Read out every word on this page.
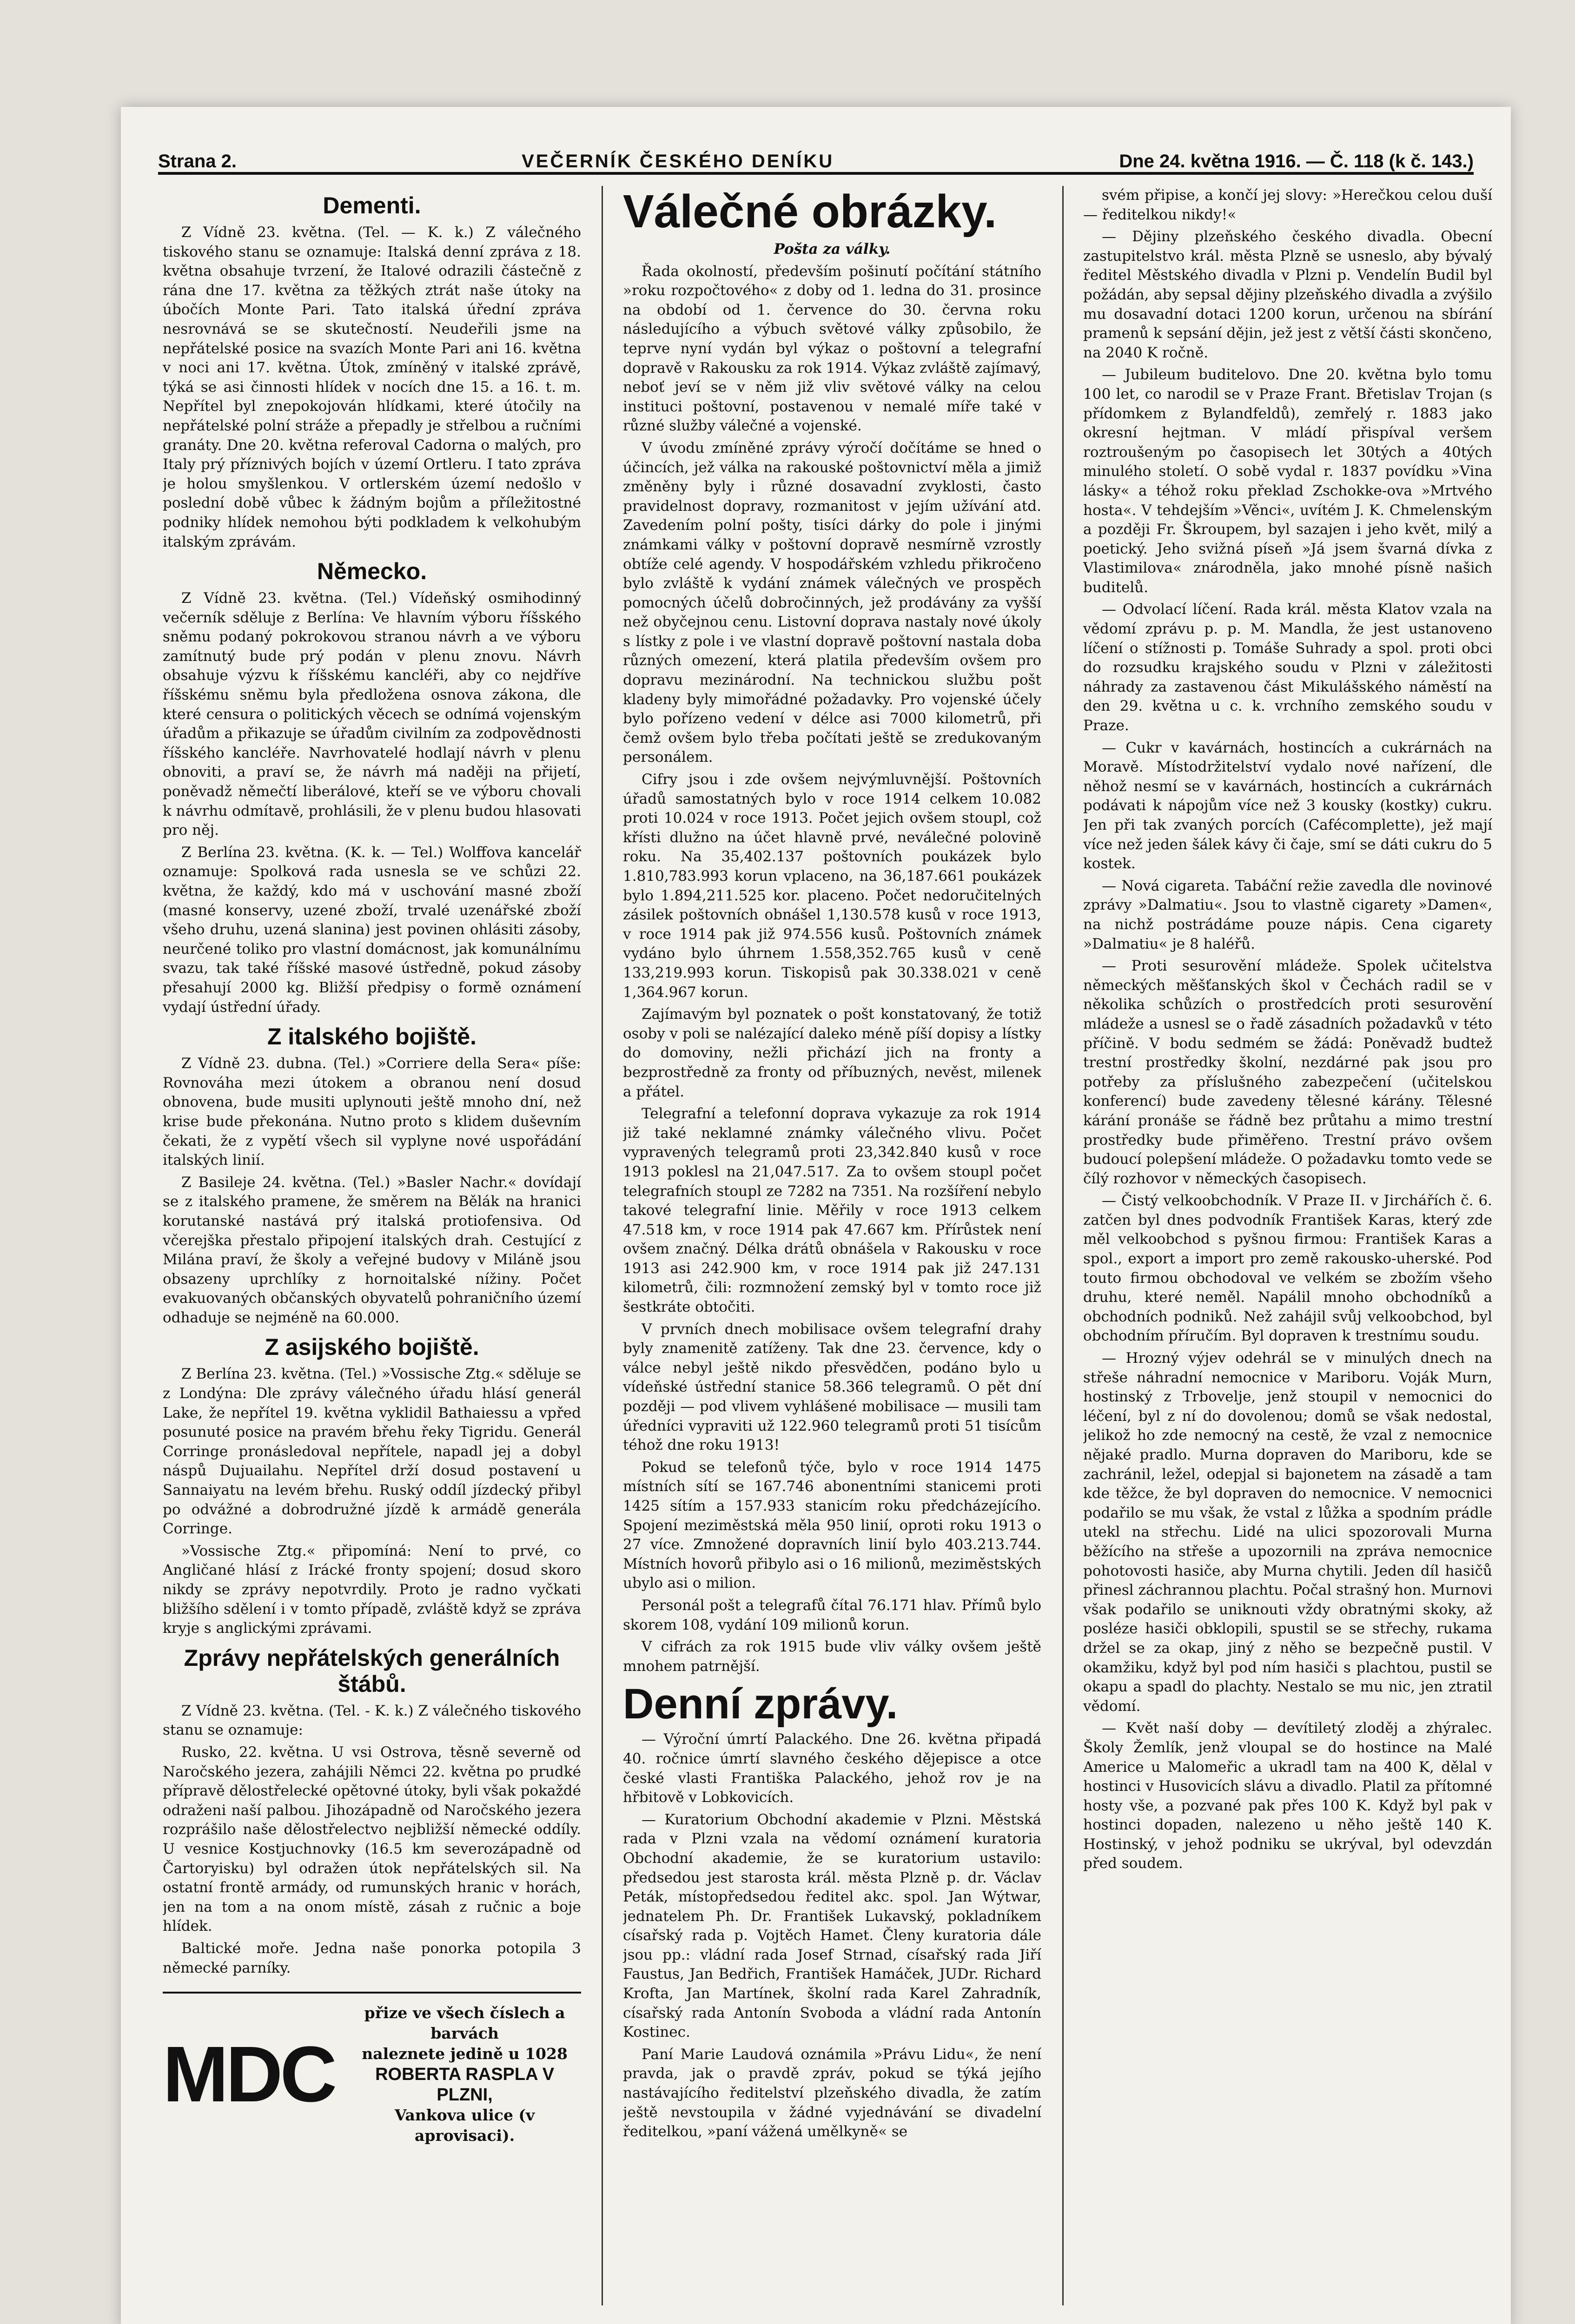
Strana 2.	VEČERNÍK ČESKÉHO DENÍKU	Dne 24. května 1916. — Č. 118 (k č. 143.)
Dementi.

Z Vídně 23. května. (Tel. — K. k.) Z válečného tiskového stanu se oznamuje: Italská denní zpráva z 18. května obsahuje tvrzení, že Italové odrazili částečně z rána dne 17. května za těžkých ztrát naše útoky na úbočích Monte Pari. Tato italská úřední zpráva nesrovnává se se skutečností. Neudeřili jsme na nepřátelské posice na svazích Monte Pari ani 16. května v noci ani 17. května. Útok, zmíněný v italské zprávě, týká se asi činnosti hlídek v nocích dne 15. a 16. t. m. Nepřítel byl znepokojován hlídkami, které útočily na nepřátelské polní stráže a přepadly je střelbou a ručními granáty. Dne 20. května referoval Cadorna o malých, pro Italy prý příznivých bojích v území Ortleru. I tato zpráva je holou smyšlenkou. V ortlerském území nedošlo v poslední době vůbec k žádným bojům a příležitostné podniky hlídek nemohou býti podkladem k velkohubým italským zprávám.

Německo.

Z Vídně 23. května. (Tel.) Vídeňský osmihodinný večerník sděluje z Berlína: Ve hlavním výboru říšského sněmu podaný pokrokovou stranou návrh a ve výboru zamítnutý bude prý podán v plenu znovu. Návrh obsahuje výzvu k říšskému kancléři, aby co nejdříve říšskému sněmu byla předložena osnova zákona, dle které censura o politických věcech se odnímá vojenským úřadům a přikazuje se úřadům civilním za zodpovědnosti říšského kancléře. Navrhovatelé hodlají návrh v plenu obnoviti, a praví se, že návrh má naději na přijetí, poněvadž němečtí liberálové, kteří se ve výboru chovali k návrhu odmítavě, prohlásili, že v plenu budou hlasovati pro něj.

Z Berlína 23. května. (K. k. — Tel.) Wolffova kancelář oznamuje: Spolková rada usnesla se ve schůzi 22. května, že každý, kdo má v uschování masné zboží (masné konservy, uzené zboží, trvalé uzenářské zboží všeho druhu, uzená slanina) jest povinen ohlásiti zásoby, neurčené toliko pro vlastní domácnost, jak komunálnímu svazu, tak také říšské masové ústředně, pokud zásoby přesahují 2000 kg. Bližší předpisy o formě oznámení vydají ústřední úřady.

Z italského bojiště.

Z Vídně 23. dubna. (Tel.) »Corriere della Sera« píše: Rovnováha mezi útokem a obranou není dosud obnovena, bude musiti uplynouti ještě mnoho dní, než krise bude překonána. Nutno proto s klidem duševním čekati, že z vypětí všech sil vyplyne nové uspořádání italských linií.

Z Basileje 24. května. (Tel.) »Basler Nachr.« dovídají se z italského pramene, že směrem na Bělák na hranici korutanské nastává prý italská protiofensiva. Od včerejška přestalo připojení italských drah. Cestující z Milána praví, že školy a veřejné budovy v Miláně jsou obsazeny uprchlíky z hornoitalské nížiny. Počet evakuovaných občanských obyvatelů pohraničního území odhaduje se nejméně na 60.000.

Z asijského bojiště.

Z Berlína 23. května. (Tel.) »Vossische Ztg.« sděluje se z Londýna: Dle zprávy válečného úřadu hlásí generál Lake, že nepřítel 19. května vyklidil Bathaiessu a vpřed posunuté posice na pravém břehu řeky Tigridu. Generál Corringe pronásledoval nepřítele, napadl jej a dobyl náspů Dujuailahu. Nepřítel drží dosud postavení u Sannaiyatu na levém břehu. Ruský oddíl jízdecký přibyl po odvážné a dobrodružné jízdě k armádě generála Corringe.

»Vossische Ztg.« připomíná: Není to prvé, co Angličané hlásí z Irácké fronty spojení; dosud skoro nikdy se zprávy nepotvrdily. Proto je radno vyčkati bližšího sdělení i v tomto případě, zvláště když se zpráva kryje s anglickými zprávami.

Zprávy nepřátelských generálních štábů.

Z Vídně 23. května. (Tel. - K. k.) Z válečného tiskového stanu se oznamuje:

Rusko, 22. května. U vsi Ostrova, těsně severně od Naročského jezera, zahájili Němci 22. května po prudké přípravě dělostřelecké opětovné útoky, byli však pokaždé odraženi naší palbou. Jihozápadně od Naročského jezera rozprášilo naše dělostřelectvo nejbližší německé oddíly. U vesnice Kostjuchnovky (16.5 km severozápadně od Čartoryisku) byl odražen útok nepřátelských sil. Na ostatní frontě armády, od rumunských hranic v horách, jen na tom a na onom místě, zásah z ručnic a boje hlídek.

Baltické moře. Jedna naše ponorka potopila 3 německé parníky.

MDC
přize ve všech číslech a barvách
naleznete jedině u 1028
ROBERTA RASPLA V PLZNI,
Vankova ulice (v aprovisaci).
Válečné obrázky.
Pošta za války.

Řada okolností, především pošinutí počítání státního »roku rozpočtového« z doby od 1. ledna do 31. prosince na období od 1. července do 30. června roku následujícího a výbuch světové války způsobilo, že teprve nyní vydán byl výkaz o poštovní a telegrafní dopravě v Rakousku za rok 1914. Výkaz zvláště zajímavý, neboť jeví se v něm již vliv světové války na celou instituci poštovní, postavenou v nemalé míře také v různé služby válečné a vojenské.

V úvodu zmíněné zprávy výročí dočítáme se hned o účincích, jež válka na rakouské poštovnictví měla a jimiž změněny byly i různé dosavadní zvyklosti, často pravidelnost dopravy, rozmanitost v jejím užívání atd. Zavedením polní pošty, tisíci dárky do pole i jinými známkami války v poštovní dopravě nesmírně vzrostly obtíže celé agendy. V hospodářském vzhledu přikročeno bylo zvláště k vydání známek válečných ve prospěch pomocných účelů dobročinných, jež prodávány za vyšší než obyčejnou cenu. Listovní doprava nastaly nové úkoly s lístky z pole i ve vlastní dopravě poštovní nastala doba různých omezení, která platila především ovšem pro dopravu mezinárodní. Na technickou službu pošt kladeny byly mimořádné požadavky. Pro vojenské účely bylo pořízeno vedení v délce asi 7000 kilometrů, při čemž ovšem bylo třeba počítati ještě se zredukovaným personálem.

Cifry jsou i zde ovšem nejvýmluvnější. Poštovních úřadů samostatných bylo v roce 1914 celkem 10.082 proti 10.024 v roce 1913. Počet jejich ovšem stoupl, což křísti dlužno na účet hlavně prvé, neválečné polovině roku. Na 35,402.137 poštovních poukázek bylo 1.810,783.993 korun vplaceno, na 36,187.661 poukázek bylo 1.894,211.525 kor. placeno. Počet nedoručitelných zásilek poštovních obnášel 1,130.578 kusů v roce 1913, v roce 1914 pak již 974.556 kusů. Poštovních známek vydáno bylo úhrnem 1.558,352.765 kusů v ceně 133,219.993 korun. Tiskopisů pak 30.338.021 v ceně 1,364.967 korun.

Zajímavým byl poznatek o pošt konstatovaný, že totiž osoby v poli se nalézající daleko méně píší dopisy a lístky do domoviny, nežli přichází jich na fronty a bezprostředně za fronty od příbuzných, nevěst, milenek a přátel.

Telegrafní a telefonní doprava vykazuje za rok 1914 již také neklamné známky válečného vlivu. Počet vypravených telegramů proti 23,342.840 kusů v roce 1913 poklesl na 21,047.517. Za to ovšem stoupl počet telegrafních stoupl ze 7282 na 7351. Na rozšíření nebylo takové telegrafní linie. Měřily v roce 1913 celkem 47.518 km, v roce 1914 pak 47.667 km. Přírůstek není ovšem značný. Délka drátů obnášela v Rakousku v roce 1913 asi 242.900 km, v roce 1914 pak již 247.131 kilometrů, čili: rozmnožení zemský byl v tomto roce již šestkráte obtočiti.

V prvních dnech mobilisace ovšem telegrafní drahy byly znamenitě zatíženy. Tak dne 23. července, kdy o válce nebyl ještě nikdo přesvědčen, podáno bylo u vídeňské ústřední stanice 58.366 telegramů. O pět dní později — pod vlivem vyhlášené mobilisace — musili tam úředníci vypraviti už 122.960 telegramů proti 51 tisícům téhož dne roku 1913!

Pokud se telefonů týče, bylo v roce 1914 1475 místních sítí se 167.746 abonentními stanicemi proti 1425 sítím a 157.933 stanicím roku předcházejícího. Spojení meziměstská měla 950 linií, oproti roku 1913 o 27 více. Zmnožené dopravních linií bylo 403.213.744. Místních hovorů přibylo asi o 16 milionů, meziměstských ubylo asi o milion.

Personál pošt a telegrafů čítal 76.171 hlav. Přímů bylo skorem 108, vydání 109 milionů korun.

V cifrách za rok 1915 bude vliv války ovšem ještě mnohem patrnější.

Denní zprávy.

— Výroční úmrtí Palackého. Dne 26. května připadá 40. ročnice úmrtí slavného českého dějepisce a otce české vlasti Františka Palackého, jehož rov je na hřbitově v Lobkovicích.

— Kuratorium Obchodní akademie v Plzni. Městská rada v Plzni vzala na vědomí oznámení kuratoria Obchodní akademie, že se kuratorium ustavilo: předsedou jest starosta král. města Plzně p. dr. Václav Peták, místopředsedou ředitel akc. spol. Jan Wýtwar, jednatelem Ph. Dr. František Lukavský, pokladníkem císařský rada p. Vojtěch Hamet. Členy kuratoria dále jsou pp.: vládní rada Josef Strnad, císařský rada Jiří Faustus, Jan Bedřich, František Hamáček, JUDr. Richard Krofta, Jan Martínek, školní rada Karel Zahradník, císařský rada Antonín Svoboda a vládní rada Antonín Kostinec.

Paní Marie Laudová oznámila »Právu Lidu«, že není pravda, jak o pravdě zpráv, pokud se týká jejího nastávajícího ředitelství plzeňského divadla, že zatím ještě nevstoupila v žádné vyjednávání se divadelní ředitelkou, »paní vážená umělkyně« se

svém připise, a končí jej slovy: »Herečkou celou duší — ředitelkou nikdy!«

— Dějiny plzeňského českého divadla. Obecní zastupitelstvo král. města Plzně se usneslo, aby bývalý ředitel Městského divadla v Plzni p. Vendelín Budil byl požádán, aby sepsal dějiny plzeňského divadla a zvýšilo mu dosavadní dotaci 1200 korun, určenou na sbírání pramenů k sepsání dějin, jež jest z větší části skončeno, na 2040 K ročně.

— Jubileum buditelovo. Dne 20. května bylo tomu 100 let, co narodil se v Praze Frant. Břetislav Trojan (s přídomkem z Bylandfeldů), zemřelý r. 1883 jako okresní hejtman. V mládí přispíval veršem roztroušeným po časopisech let 30tých a 40tých minulého století. O sobě vydal r. 1837 povídku »Vina lásky« a téhož roku překlad Zschokke-ova »Mrtvého hosta«. V tehdejším »Věnci«, uvítém J. K. Chmelenským a později Fr. Škroupem, byl sazajen i jeho květ, milý a poetický. Jeho svižná píseň »Já jsem švarná dívka z Vlastimilova« znárodněla, jako mnohé písně našich buditelů.

— Odvolací líčení. Rada král. města Klatov vzala na vědomí zprávu p. p. M. Mandla, že jest ustanoveno líčení o stížnosti p. Tomáše Suhrady a spol. proti obci do rozsudku krajského soudu v Plzni v záležitosti náhrady za zastavenou část Mikulášského náměstí na den 29. května u c. k. vrchního zemského soudu v Praze.

— Cukr v kavárnách, hostincích a cukrárnách na Moravě. Místodržitelství vydalo nové nařízení, dle něhož nesmí se v kavárnách, hostincích a cukrárnách podávati k nápojům více než 3 kousky (kostky) cukru. Jen při tak zvaných porcích (Cafécomplette), jež mají více než jeden šálek kávy či čaje, smí se dáti cukru do 5 kostek.

— Nová cigareta. Tabáční režie zavedla dle novinové zprávy »Dalmatiu«. Jsou to vlastně cigarety »Damen«, na nichž postrádáme pouze nápis. Cena cigarety »Dalmatiu« je 8 haléřů.

— Proti sesurovění mládeže. Spolek učitelstva německých měšťanských škol v Čechách radil se v několika schůzích o prostředcích proti sesurovění mládeže a usnesl se o řadě zásadních požadavků v této příčině. V bodu sedmém se žádá: Poněvadž budtež trestní prostředky školní, nezdárné pak jsou pro potřeby za příslušného zabezpečení (učitelskou konferencí) bude zavedeny tělesné kárány. Tělesné kárání pronáše se řádně bez průtahu a mimo trestní prostředky bude přiměřeno. Trestní právo ovšem budoucí polepšení mládeže. O požadavku tomto vede se čílý rozhovor v německých časopisech.

— Čistý velkoobchodník. V Praze II. v Jirchářích č. 6. zatčen byl dnes podvodník František Karas, který zde měl velkoobchod s pyšnou firmou: František Karas a spol., export a import pro země rakousko-uherské. Pod touto firmou obchodoval ve velkém se zbožím všeho druhu, které neměl. Napálil mnoho obchodníků a obchodních podniků. Než zahájil svůj velkoobchod, byl obchodním příručím. Byl dopraven k trestnímu soudu.

— Hrozný výjev odehrál se v minulých dnech na střeše náhradní nemocnice v Mariboru. Voják Murn, hostinský z Trbovelje, jenž stoupil v nemocnici do léčení, byl z ní do dovolenou; domů se však nedostal, jelikož ho zde nemocný na cestě, že vzal z nemocnice nějaké pradlo. Murna dopraven do Mariboru, kde se zachránil, ležel, odepjal si bajonetem na zásadě a tam kde těžce, že byl dopraven do nemocnice. V nemocnici podařilo se mu však, že vstal z lůžka a spodním prádle utekl na střechu. Lidé na ulici spozorovali Murna běžícího na střeše a upozornili na zpráva nemocnice pohotovosti hasiče, aby Murna chytili. Jeden díl hasičů přinesl záchrannou plachtu. Počal strašný hon. Murnovi však podařilo se uniknouti vždy obratnými skoky, až posléze hasiči obklopili, spustil se se střechy, rukama držel se za okap, jiný z něho se bezpečně pustil. V okamžiku, když byl pod ním hasiči s plachtou, pustil se okapu a spadl do plachty. Nestalo se mu nic, jen ztratil vědomí.

— Květ naší doby — devítiletý zloděj a zhýralec. Školy Žemlík, jenž vloupal se do hostince na Malé Americe u Malomeřic a ukradl tam na 400 K, dělal v hostinci v Husovicích slávu a divadlo. Platil za přítomné hosty vše, a pozvané pak přes 100 K. Když byl pak v hostinci dopaden, nalezeno u něho ještě 140 K. Hostinský, v jehož podniku se ukrýval, byl odevzdán před soudem.
